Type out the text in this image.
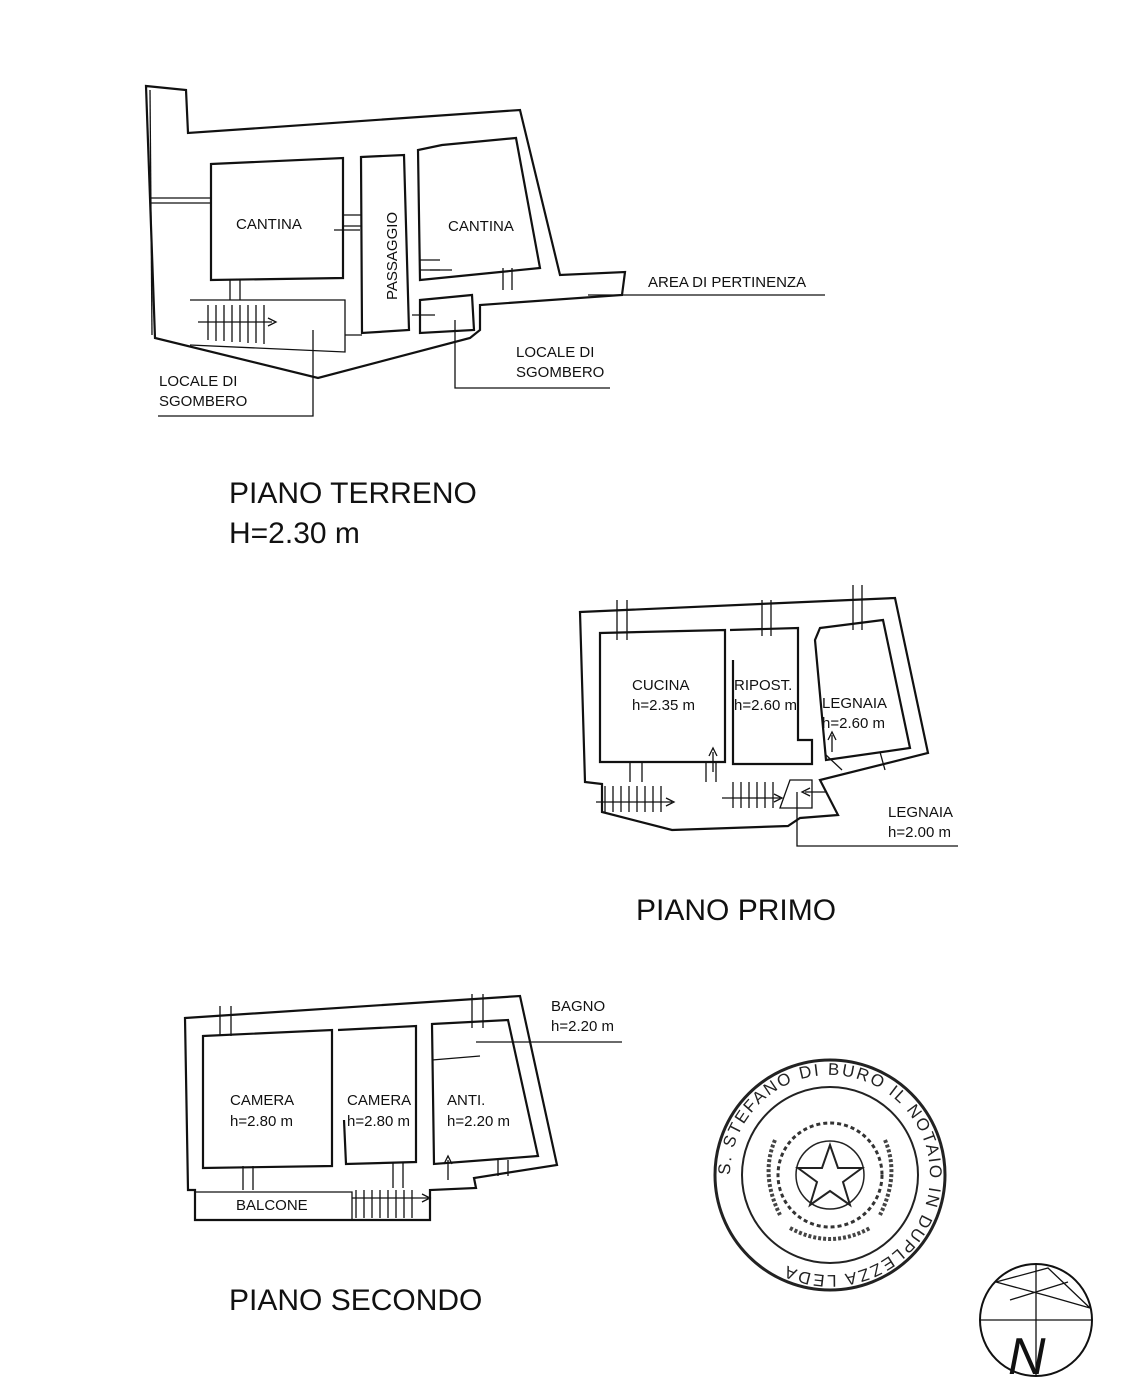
CANTINA	CANTINA
PASSAGGIO	AREA DI PERTINENZA
LOCALE DI
SGOMBERO
LOCALE DI
SGOMBERO
PIANO TERRENO
H=2.30 m
CUCINA
h=2.35 m
RIPOST.
h=2.60 m LEGNAIA
h=2.60 m
LEGNAIA
h=2.00 m
PIANO PRIMO
BAGNO
h=2.20 m
CAMERA
h=2.80 m
CAMERA
h=2.80 m
ANTI.
h=2.20 m
BALCONE
PIANO SECONDO
S. STEFANO DI BURO IL NOTAIO IN DUPLEZZA LEDA
N
